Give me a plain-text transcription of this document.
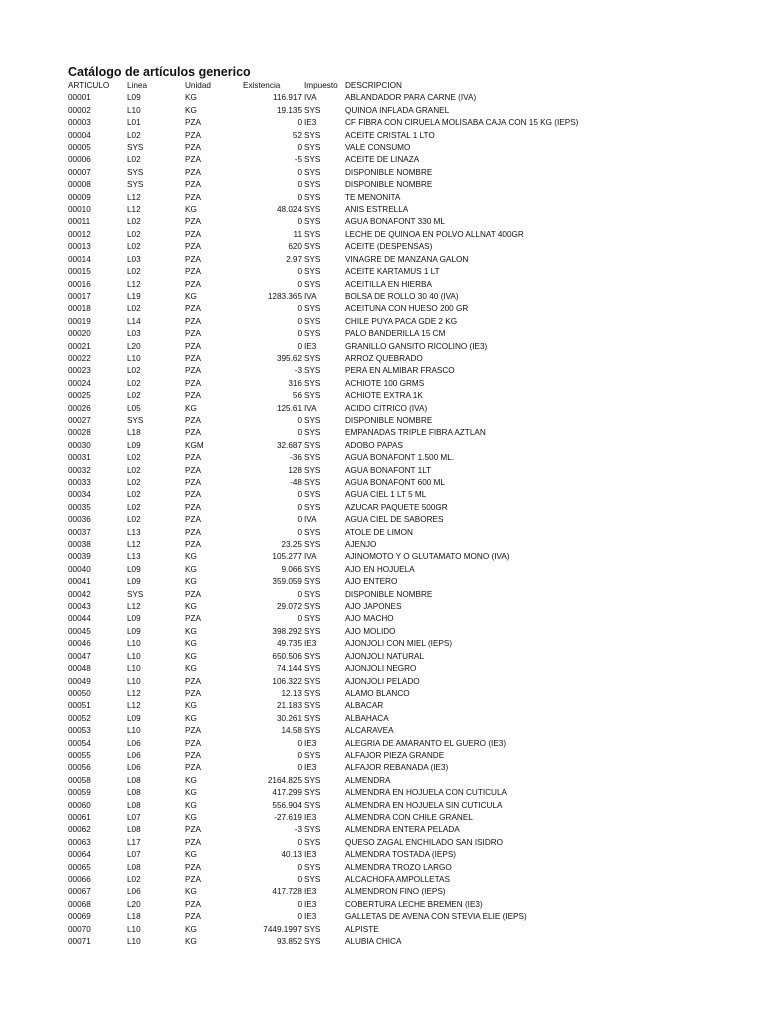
Catálogo de artículos generico
ARTICULO	Linea	Unidad	Existencia	Impuesto	DESCRIPCION
00001	L09	KG	116.917	IVA	ABLANDADOR PARA CARNE (IVA)
00002	L10	KG	19.135	SYS	QUINOA INFLADA GRANEL
00003	L01	PZA	0	IE3	CF FIBRA CON CIRUELA MOLISABA CAJA CON 15 KG (IEPS)
00004	L02	PZA	52	SYS	ACEITE CRISTAL 1 LTO
00005	SYS	PZA	0	SYS	VALE CONSUMO
00006	L02	PZA	-5	SYS	ACEITE DE LINAZA
00007	SYS	PZA	0	SYS	DISPONIBLE NOMBRE
00008	SYS	PZA	0	SYS	DISPONIBLE NOMBRE
00009	L12	PZA	0	SYS	TE MENONITA
00010	L12	KG	48.024	SYS	ANIS ESTRELLA
00011	L02	PZA	0	SYS	AGUA BONAFONT 330 ML
00012	L02	PZA	11	SYS	LECHE DE QUINOA EN POLVO ALLNAT 400GR
00013	L02	PZA	620	SYS	ACEITE (DESPENSAS)
00014	L03	PZA	2.97	SYS	VINAGRE DE MANZANA GALON
00015	L02	PZA	0	SYS	ACEITE KARTAMUS 1 LT
00016	L12	PZA	0	SYS	ACEITILLA EN HIERBA
00017	L19	KG	1283.365	IVA	BOLSA DE ROLLO 30 40 (IVA)
00018	L02	PZA	0	SYS	ACEITUNA CON HUESO 200 GR
00019	L14	PZA	0	SYS	CHILE PUYA PACA GDE 2 KG
00020	L03	PZA	0	SYS	PALO BANDERILLA 15 CM
00021	L20	PZA	0	IE3	GRANILLO GANSITO RICOLINO (IE3)
00022	L10	PZA	395.62	SYS	ARROZ QUEBRADO
00023	L02	PZA	-3	SYS	PERA EN ALMIBAR FRASCO
00024	L02	PZA	316	SYS	ACHIOTE 100 GRMS
00025	L02	PZA	56	SYS	ACHIOTE EXTRA 1K
00026	L05	KG	125.61	IVA	ACIDO CITRICO (IVA)
00027	SYS	PZA	0	SYS	DISPONIBLE NOMBRE
00028	L18	PZA	0	SYS	EMPANADAS TRIPLE FIBRA AZTLAN
00030	L09	KGM	32.687	SYS	ADOBO PAPAS
00031	L02	PZA	-36	SYS	AGUA BONAFONT 1.500 ML.
00032	L02	PZA	128	SYS	AGUA BONAFONT 1LT
00033	L02	PZA	-48	SYS	AGUA BONAFONT 600 ML
00034	L02	PZA	0	SYS	AGUA CIEL 1 LT 5 ML
00035	L02	PZA	0	SYS	AZUCAR PAQUETE 500GR
00036	L02	PZA	0	IVA	AGUA CIEL DE SABORES
00037	L13	PZA	0	SYS	ATOLE DE LIMON
00038	L12	PZA	23.25	SYS	AJENJO
00039	L13	KG	105.277	IVA	AJINOMOTO Y O GLUTAMATO MONO (IVA)
00040	L09	KG	9.066	SYS	AJO EN HOJUELA
00041	L09	KG	359.059	SYS	AJO ENTERO
00042	SYS	PZA	0	SYS	DISPONIBLE NOMBRE
00043	L12	KG	29.072	SYS	AJO JAPONES
00044	L09	PZA	0	SYS	AJO MACHO
00045	L09	KG	398.292	SYS	AJO MOLIDO
00046	L10	KG	49.735	IE3	AJONJOLI CON MIEL (IEPS)
00047	L10	KG	650.506	SYS	AJONJOLI NATURAL
00048	L10	KG	74.144	SYS	AJONJOLI NEGRO
00049	L10	PZA	106.322	SYS	AJONJOLI PELADO
00050	L12	PZA	12.13	SYS	ALAMO BLANCO
00051	L12	KG	21.183	SYS	ALBACAR
00052	L09	KG	30.261	SYS	ALBAHACA
00053	L10	PZA	14.58	SYS	ALCARAVEA
00054	L06	PZA	0	IE3	ALEGRIA DE AMARANTO EL GUERO (IE3)
00055	L06	PZA	0	SYS	ALFAJOR PIEZA GRANDE
00056	L06	PZA	0	IE3	ALFAJOR REBANADA (IE3)
00058	L08	KG	2164.825	SYS	ALMENDRA
00059	L08	KG	417.299	SYS	ALMENDRA EN HOJUELA CON CUTICULA
00060	L08	KG	556.904	SYS	ALMENDRA EN HOJUELA SIN CUTICULA
00061	L07	KG	-27.619	IE3	ALMENDRA CON CHILE GRANEL
00062	L08	PZA	-3	SYS	ALMENDRA ENTERA PELADA
00063	L17	PZA	0	SYS	QUESO ZAGAL ENCHILADO SAN ISIDRO
00064	L07	KG	40.13	IE3	ALMENDRA TOSTADA (IEPS)
00065	L08	PZA	0	SYS	ALMENDRA TROZO LARGO
00066	L02	PZA	0	SYS	ALCACHOFA AMPOLLETAS
00067	L06	KG	417.728	IE3	ALMENDRON FINO (IEPS)
00068	L20	PZA	0	IE3	COBERTURA LECHE BREMEN (IE3)
00069	L18	PZA	0	IE3	GALLETAS DE AVENA CON STEVIA ELIE (IEPS)
00070	L10	KG	7449.1997	SYS	ALPISTE
00071	L10	KG	93.852	SYS	ALUBIA CHICA
